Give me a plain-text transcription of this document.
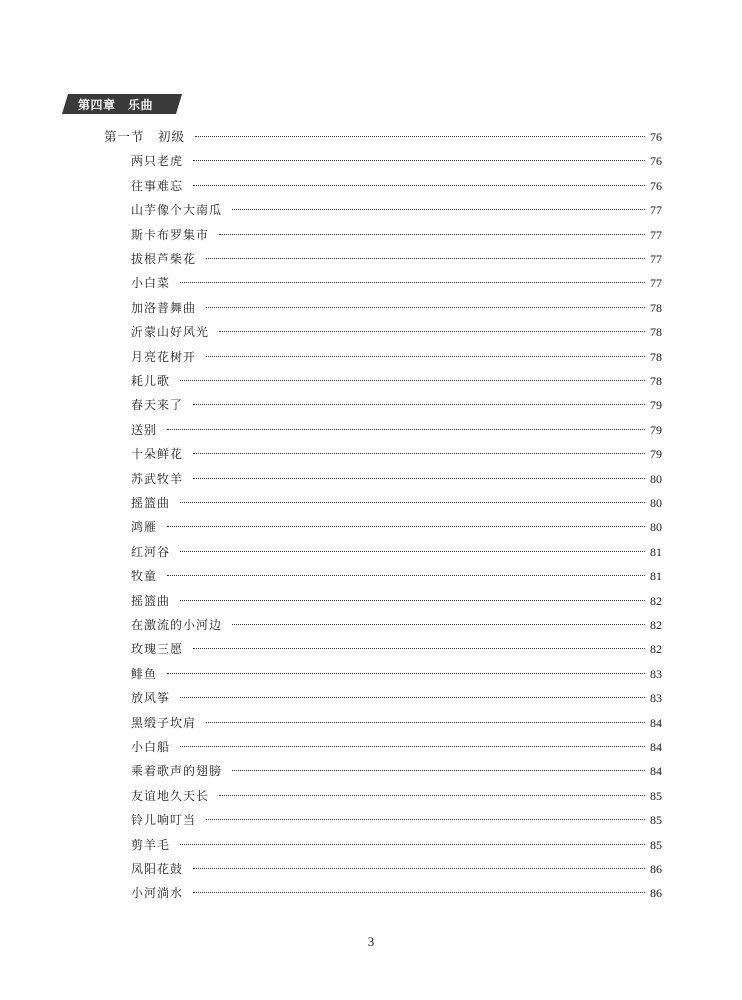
第四章　乐曲
第一节　初级	76
两只老虎	76
往事难忘	76
山芋像个大南瓜	77
斯卡布罗集市	77
拔根芦柴花	77
小白菜	77
加洛普舞曲	78
沂蒙山好风光	78
月亮花树开	78
耗儿歌	78
春天来了	79
送别	79
十朵鲜花	79
苏武牧羊	80
摇篮曲	80
鸿雁	80
红河谷	81
牧童	81
摇篮曲	82
在激流的小河边	82
玫瑰三愿	82
鲱鱼	83
放风筝	83
黑缎子坎肩	84
小白船	84
乘着歌声的翅膀	84
友谊地久天长	85
铃儿响叮当	85
剪羊毛	85
凤阳花鼓	86
小河淌水	86
3
